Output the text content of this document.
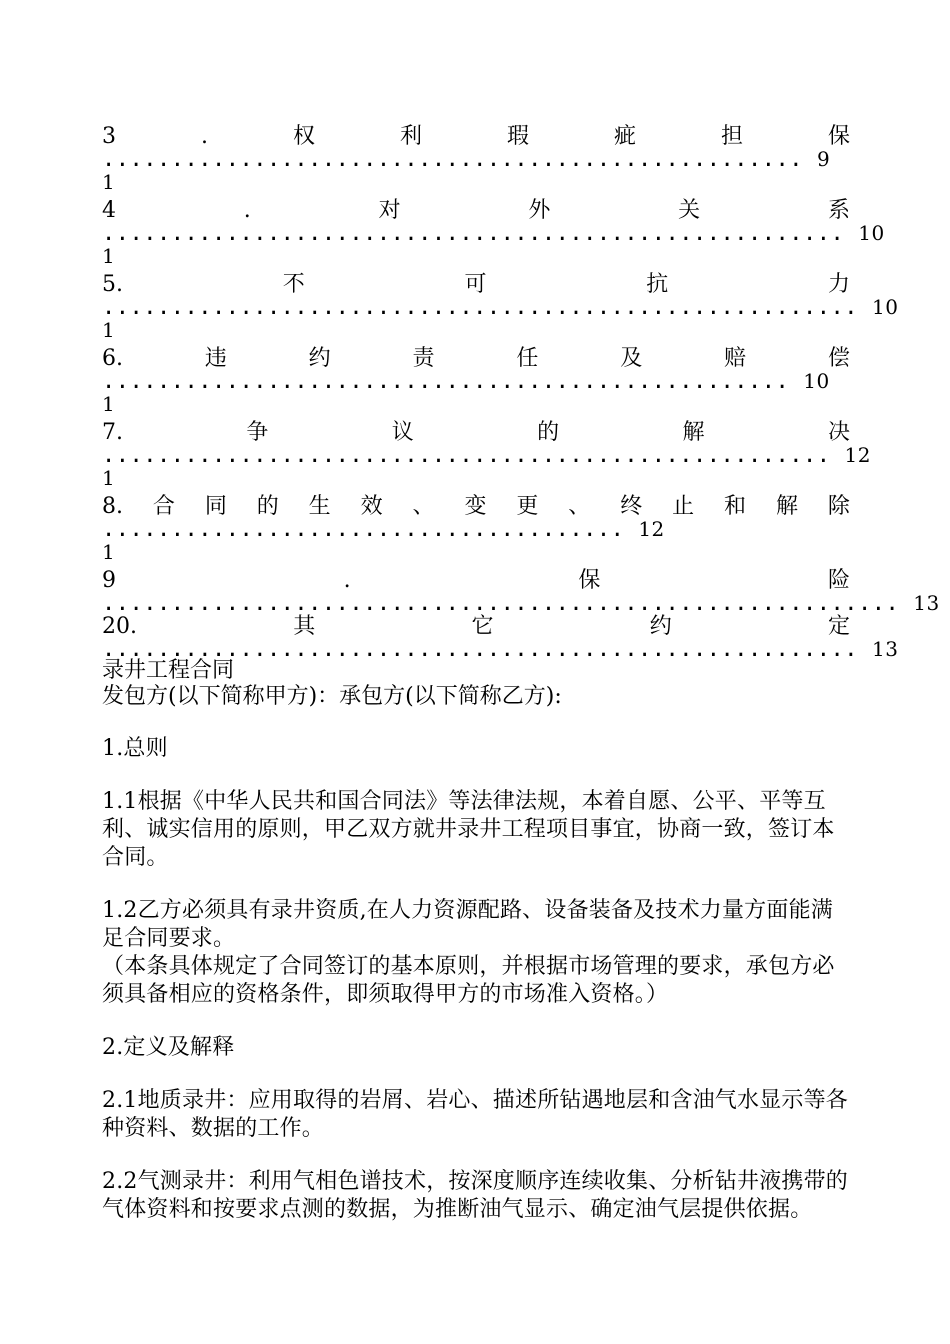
3	.	权	利	瑕	疵	担	保
................................................... 9
1
4	.	对	外	关	系
...................................................... 10
1
5.	不	可	抗	力
....................................................... 10
1
6.	违	约	责	任	及	赔	偿
.................................................. 10
1
7.	争	议	的	解	决
..................................................... 12
1
8. 合 同 的 生 效 、 变 更 、 终 止 和 解 除
...................................... 12
1
9	.	保	险
.......................................................... 13
20.	其	它	约	定
....................................................... 13
录井工程合同
发包方(以下简称甲方)：承包方(以下简称乙方):
1.总则
1.1根据《中华人民共和国合同法》等法律法规，本着自愿、公平、平等互利、诚实信用的原则，甲乙双方就井录井工程项目事宜，协商一致，签订本合同。
1.2乙方必须具有录井资质,在人力资源配路、设备装备及技术力量方面能满足合同要求。
（本条具体规定了合同签订的基本原则，并根据市场管理的要求，承包方必须具备相应的资格条件，即须取得甲方的市场准入资格。）
2.定义及解释
2.1地质录井：应用取得的岩屑、岩心、描述所钻遇地层和含油气水显示等各种资料、数据的工作。
2.2气测录井：利用气相色谱技术，按深度顺序连续收集、分析钻井液携带的气体资料和按要求点测的数据，为推断油气显示、确定油气层提供依据。
